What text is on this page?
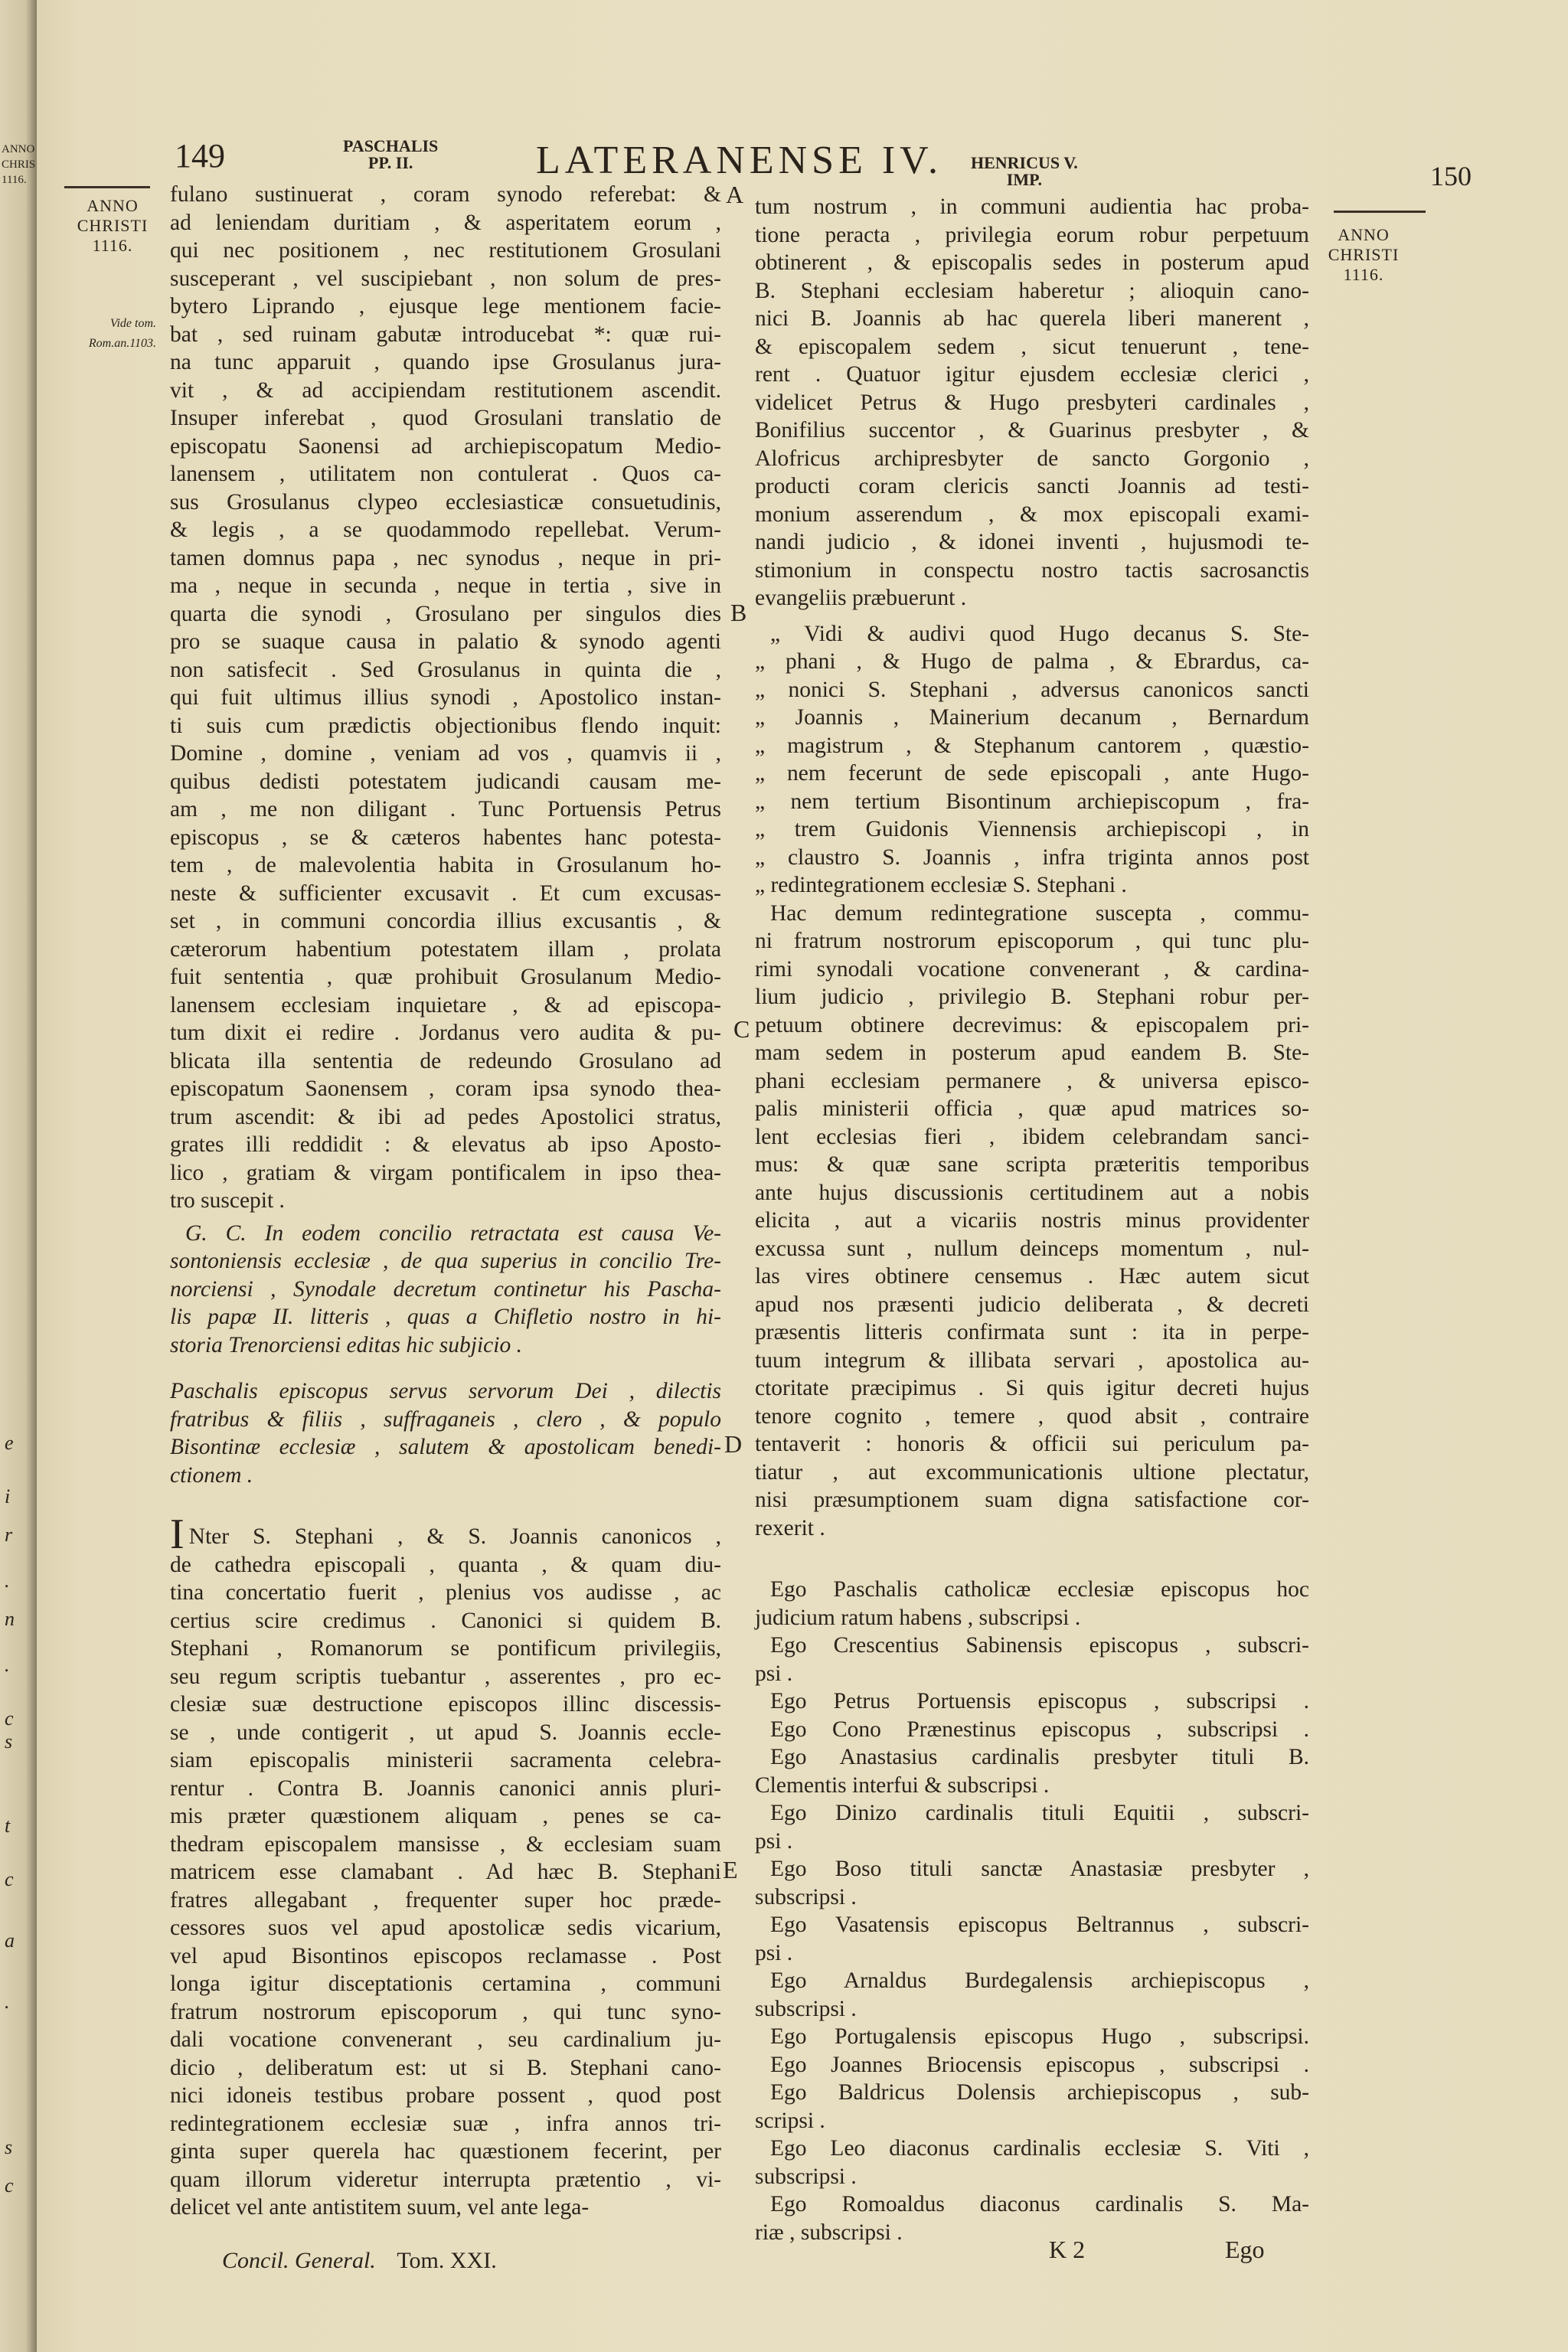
ANNO
CHRIS
1116.
e
i
r
.
n
.
c
s
t
c
a
.
s
c
149	PASCHALIS
PP. II.	LATERANENSE IV. HENRICUS V.
IMP.	150
ANNO
CHRISTI
1116.
ANNO
CHRISTI
1116.
Vide tom.
Rom.an.1103.
fulano sustinuerat , coram synodo referebat: &
ad leniendam duritiam , & asperitatem eorum ,
qui nec positionem , nec restitutionem Grosulani
susceperant , vel suscipiebant , non solum de pres-
bytero Liprando , ejusque lege mentionem facie-
bat , sed ruinam gabutæ introducebat *: quæ rui-
na tunc apparuit , quando ipse Grosulanus jura-
vit , & ad accipiendam restitutionem ascendit.
Insuper inferebat , quod Grosulani translatio de
episcopatu Saonensi ad archiepiscopatum Medio-
lanensem , utilitatem non contulerat . Quos ca-
sus Grosulanus clypeo ecclesiasticæ consuetudinis,
& legis , a se quodammodo repellebat. Verum-
tamen domnus papa , nec synodus , neque in pri-
ma , neque in secunda , neque in tertia , sive in
quarta die synodi , Grosulano per singulos dies
pro se suaque causa in palatio & synodo agenti
non satisfecit . Sed Grosulanus in quinta die ,
qui fuit ultimus illius synodi , Apostolico instan-
ti suis cum prædictis objectionibus flendo inquit:
Domine , domine , veniam ad vos , quamvis ii ,
quibus dedisti potestatem judicandi causam me-
am , me non diligant . Tunc Portuensis Petrus
episcopus , se & cæteros habentes hanc potesta-
tem , de malevolentia habita in Grosulanum ho-
neste & sufficienter excusavit . Et cum excusas-
set , in communi concordia illius excusantis , &
cæterorum habentium potestatem illam , prolata
fuit sententia , quæ prohibuit Grosulanum Medio-
lanensem ecclesiam inquietare , & ad episcopa-
tum dixit ei redire . Jordanus vero audita & pu-
blicata illa sententia de redeundo Grosulano ad
episcopatum Saonensem , coram ipsa synodo thea-
trum ascendit: & ibi ad pedes Apostolici stratus,
grates illi reddidit : & elevatus ab ipso Aposto-
lico , gratiam & virgam pontificalem in ipso thea-
tro suscepit .
G. C. In eodem concilio retractata est causa Ve-
sontoniensis ecclesiæ , de qua superius in concilio Tre-
norciensi , Synodale decretum continetur his Pascha-
lis papæ II. litteris , quas a Chifletio nostro in hi-
storia Trenorciensi editas hic subjicio .
Paschalis episcopus servus servorum Dei , dilectis
fratribus & filiis , suffraganeis , clero , & populo
Bisontinæ ecclesiæ , salutem & apostolicam benedi-
ctionem .
I Nter S. Stephani , & S. Joannis canonicos ,
de cathedra episcopali , quanta , & quam diu-
tina concertatio fuerit , plenius vos audisse , ac
certius scire credimus . Canonici si quidem B.
Stephani , Romanorum se pontificum privilegiis,
seu regum scriptis tuebantur , asserentes , pro ec-
clesiæ suæ destructione episcopos illinc discessis-
se , unde contigerit , ut apud S. Joannis eccle-
siam episcopalis ministerii sacramenta celebra-
rentur . Contra B. Joannis canonici annis pluri-
mis præter quæstionem aliquam , penes se ca-
thedram episcopalem mansisse , & ecclesiam suam
matricem esse clamabant . Ad hæc B. Stephani
fratres allegabant , frequenter super hoc præde-
cessores suos vel apud apostolicæ sedis vicarium,
vel apud Bisontinos episcopos reclamasse . Post
longa igitur disceptationis certamina , communi
fratrum nostrorum episcoporum , qui tunc syno-
dali vocatione convenerant , seu cardinalium ju-
dicio , deliberatum est: ut si B. Stephani cano-
nici idoneis testibus probare possent , quod post
redintegrationem ecclesiæ suæ , infra annos tri-
ginta super querela hac quæstionem fecerint, per
quam illorum videretur interrupta prætentio , vi-
delicet vel ante antistitem suum, vel ante lega-
tum nostrum , in communi audientia hac proba-
tione peracta , privilegia eorum robur perpetuum
obtinerent , & episcopalis sedes in posterum apud
B. Stephani ecclesiam haberetur ; alioquin cano-
nici B. Joannis ab hac querela liberi manerent ,
& episcopalem sedem , sicut tenuerunt , tene-
rent . Quatuor igitur ejusdem ecclesiæ clerici ,
videlicet Petrus & Hugo presbyteri cardinales ,
Bonifilius succentor , & Guarinus presbyter , &
Alofricus archipresbyter de sancto Gorgonio ,
producti coram clericis sancti Joannis ad testi-
monium asserendum , & mox episcopali exami-
nandi judicio , & idonei inventi , hujusmodi te-
stimonium in conspectu nostro tactis sacrosanctis
evangeliis præbuerunt .
„ Vidi & audivi quod Hugo decanus S. Ste-
„ phani , & Hugo de palma , & Ebrardus, ca-
„ nonici S. Stephani , adversus canonicos sancti
„ Joannis , Mainerium decanum , Bernardum
„ magistrum , & Stephanum cantorem , quæstio-
„ nem fecerunt de sede episcopali , ante Hugo-
„ nem tertium Bisontinum archiepiscopum , fra-
„ trem Guidonis Viennensis archiepiscopi , in
„ claustro S. Joannis , infra triginta annos post
„ redintegrationem ecclesiæ S. Stephani .
Hac demum redintegratione suscepta , commu-
ni fratrum nostrorum episcoporum , qui tunc plu-
rimi synodali vocatione convenerant , & cardina-
lium judicio , privilegio B. Stephani robur per-
petuum obtinere decrevimus: & episcopalem pri-
mam sedem in posterum apud eandem B. Ste-
phani ecclesiam permanere , & universa episco-
palis ministerii officia , quæ apud matrices so-
lent ecclesias fieri , ibidem celebrandam sanci-
mus: & quæ sane scripta præteritis temporibus
ante hujus discussionis certitudinem aut a nobis
elicita , aut a vicariis nostris minus providenter
excussa sunt , nullum deinceps momentum , nul-
las vires obtinere censemus . Hæc autem sicut
apud nos præsenti judicio deliberata , & decreti
præsentis litteris confirmata sunt : ita in perpe-
tuum integrum & illibata servari , apostolica au-
ctoritate præcipimus . Si quis igitur decreti hujus
tenore cognito , temere , quod absit , contraire
tentaverit : honoris & officii sui periculum pa-
tiatur , aut excommunicationis ultione plectatur,
nisi præsumptionem suam digna satisfactione cor-
rexerit .
Ego Paschalis catholicæ ecclesiæ episcopus hoc
judicium ratum habens , subscripsi .
Ego Crescentius Sabinensis episcopus , subscri-
psi .
Ego Petrus Portuensis episcopus , subscripsi .
Ego Cono Prænestinus episcopus , subscripsi .
Ego Anastasius cardinalis presbyter tituli B.
Clementis interfui & subscripsi .
Ego Dinizo cardinalis tituli Equitii , subscri-
psi .
Ego Boso tituli sanctæ Anastasiæ presbyter ,
subscripsi .
Ego Vasatensis episcopus Beltrannus , subscri-
psi .
Ego Arnaldus Burdegalensis archiepiscopus ,
subscripsi .
Ego Portugalensis episcopus Hugo , subscripsi.
Ego Joannes Briocensis episcopus , subscripsi .
Ego Baldricus Dolensis archiepiscopus , sub-
scripsi .
Ego Leo diaconus cardinalis ecclesiæ S. Viti ,
subscripsi .
Ego Romoaldus diaconus cardinalis S. Ma-
riæ , subscripsi .
A
B
C
D
E
Concil. General. Tom. XXI.	K 2	Ego
